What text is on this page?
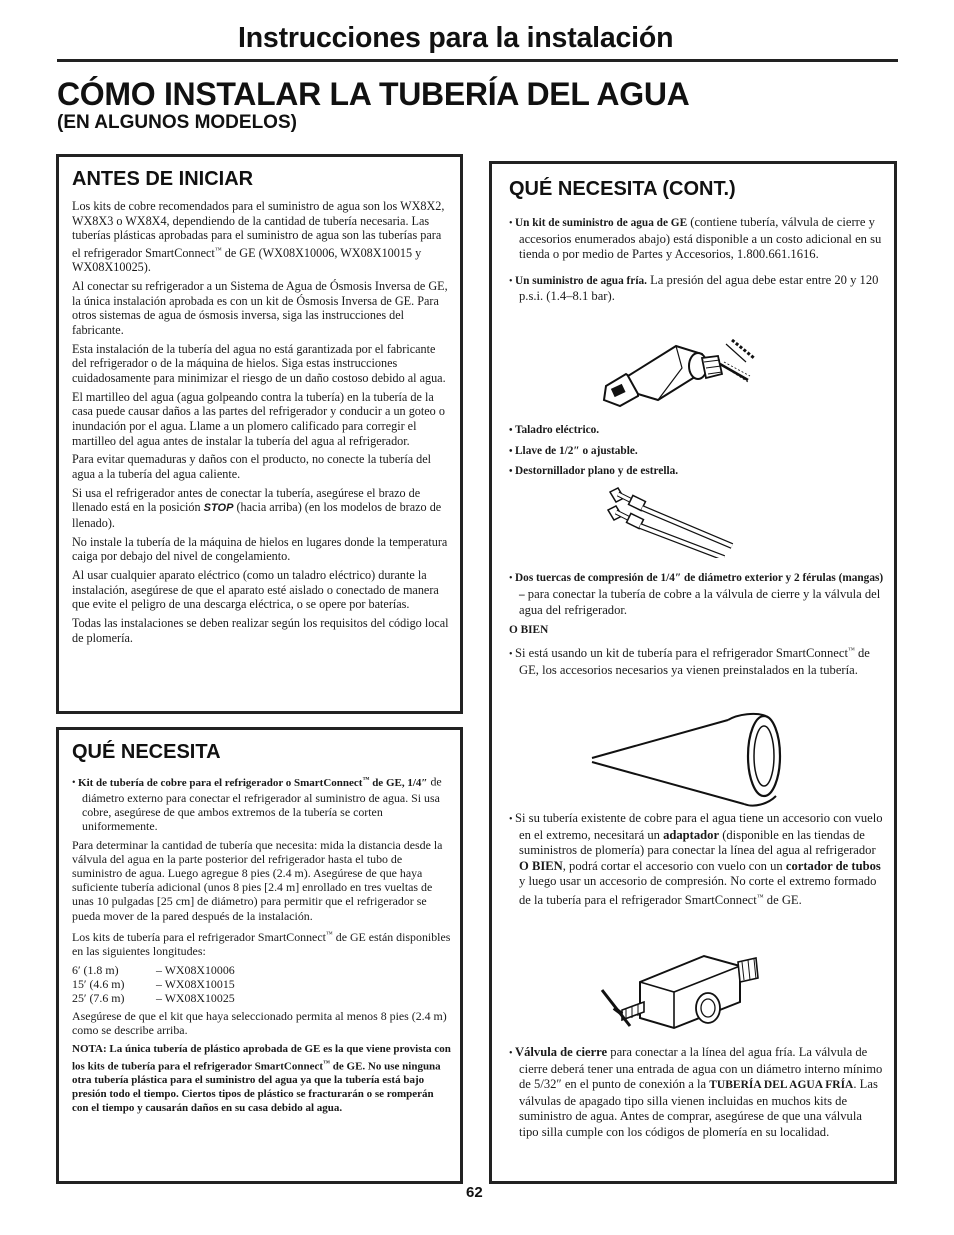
Instrucciones para la instalación
CÓMO INSTALAR LA TUBERÍA DEL AGUA
(EN ALGUNOS MODELOS)
ANTES DE INICIAR

Los kits de cobre recomendados para el suministro de agua son los WX8X2, WX8X3 o WX8X4, dependiendo de la cantidad de tubería necesaria. Las tuberías plásticas aprobadas para el suministro de agua son las tuberías para el refrigerador SmartConnect™ de GE (WX08X10006, WX08X10015 y WX08X10025).

Al conectar su refrigerador a un Sistema de Agua de Ósmosis Inversa de GE, la única instalación aprobada es con un kit de Ósmosis Inversa de GE. Para otros sistemas de agua de ósmosis inversa, siga las instrucciones del fabricante.

Esta instalación de la tubería del agua no está garantizada por el fabricante del refrigerador o de la máquina de hielos. Siga estas instrucciones cuidadosamente para minimizar el riesgo de un daño costoso debido al agua.

El martilleo del agua (agua golpeando contra la tubería) en la tubería de la casa puede causar daños a las partes del refrigerador y conducir a un goteo o inundación por el agua. Llame a un plomero calificado para corregir el martilleo del agua antes de instalar la tubería del agua al refrigerador.

Para evitar quemaduras y daños con el producto, no conecte la tubería del agua a la tubería del agua caliente.

Si usa el refrigerador antes de conectar la tubería, asegúrese el brazo de llenado está en la posición STOP (hacia arriba) (en los modelos de brazo de llenado).

No instale la tubería de la máquina de hielos en lugares donde la temperatura caiga por debajo del nivel de congelamiento.

Al usar cualquier aparato eléctrico (como un taladro eléctrico) durante la instalación, asegúrese de que el aparato esté aislado o conectado de manera que evite el peligro de una descarga eléctrica, o se opere por baterías.

Todas las instalaciones se deben realizar según los requisitos del código local de plomería.

QUÉ NECESITA

• Kit de tubería de cobre para el refrigerador o SmartConnect™ de GE, 1/4″ de diámetro externo para conectar el refrigerador al suministro de agua. Si usa cobre, asegúrese de que ambos extremos de la tubería se corten uniformemente.

Para determinar la cantidad de tubería que necesita: mida la distancia desde la válvula del agua en la parte posterior del refrigerador hasta el tubo de suministro de agua. Luego agregue 8 pies (2.4 m). Asegúrese de que haya suficiente tubería adicional (unos 8 pies [2.4 m] enrollado en tres vueltas de unas 10 pulgadas [25 cm] de diámetro) para permitir que el refrigerador se pueda mover de la pared después de la instalación.

Los kits de tubería para el refrigerador SmartConnect™ de GE están disponibles en las siguientes longitudes:

6′ (1.8 m)	– WX08X10006
15′ (4.6 m)	– WX08X10015
25′ (7.6 m)	– WX08X10025

Asegúrese de que el kit que haya seleccionado permita al menos 8 pies (2.4 m) como se describe arriba.

NOTA: La única tubería de plástico aprobada de GE es la que viene provista con los kits de tubería para el refrigerador SmartConnect™ de GE. No use ninguna otra tubería plástica para el suministro del agua ya que la tubería está bajo presión todo el tiempo. Ciertos tipos de plástico se fracturarán o se romperán con el tiempo y causarán daños en su casa debido al agua.

QUÉ NECESITA (CONT.)

• Un kit de suministro de agua de GE (contiene tubería, válvula de cierre y accesorios enumerados abajo) está disponible a un costo adicional en su tienda o por medio de Partes y Accesorios, 1.800.661.1616.

• Un suministro de agua fría. La presión del agua debe estar entre 20 y 120 p.s.i. (1.4–8.1 bar).

• Taladro eléctrico.

• Llave de 1/2″ o ajustable.

• Destornillador plano y de estrella.

• Dos tuercas de compresión de 1/4″ de diámetro exterior y 2 férulas (mangas) – para conectar la tubería de cobre a la válvula de cierre y la válvula del agua del refrigerador.

O BIEN

• Si está usando un kit de tubería para el refrigerador SmartConnect™ de GE, los accesorios necesarios ya vienen preinstalados en la tubería.

• Si su tubería existente de cobre para el agua tiene un accesorio con vuelo en el extremo, necesitará un adaptador (disponible en las tiendas de suministros de plomería) para conectar la línea del agua al refrigerador O BIEN, podrá cortar el accesorio con vuelo con un cortador de tubos y luego usar un accesorio de compresión. No corte el extremo formado de la tubería para el refrigerador SmartConnect™ de GE.

• Válvula de cierre para conectar a la línea del agua fría. La válvula de cierre deberá tener una entrada de agua con un diámetro interno mínimo de 5/32″ en el punto de conexión a la TUBERÍA DEL AGUA FRÍA. Las válvulas de apagado tipo silla vienen incluidas en muchos kits de suministro de agua. Antes de comprar, asegúrese de que una válvula tipo silla cumple con los códigos de plomería en su localidad.

62
